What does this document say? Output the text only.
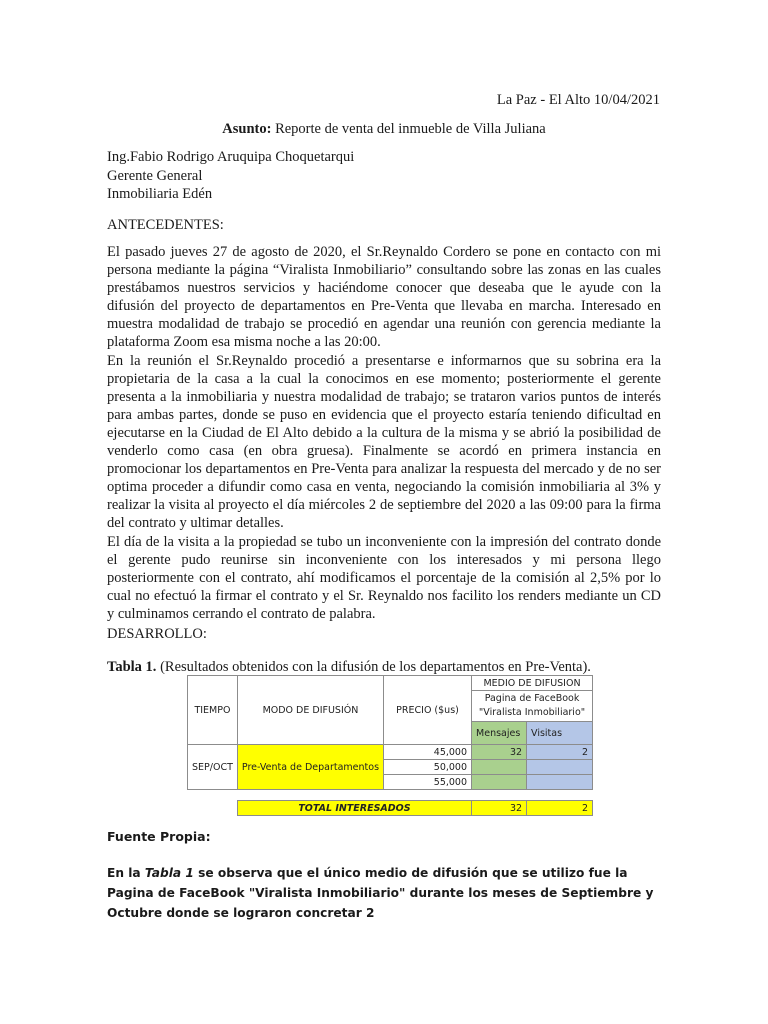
La Paz - El Alto 10/04/2021
Asunto: Reporte de venta del inmueble de Villa Juliana
Ing.Fabio Rodrigo Aruquipa Choquetarqui
Gerente General
Inmobiliaria Edén
ANTECEDENTES:

El pasado jueves 27 de agosto de 2020, el Sr.Reynaldo Cordero se pone en contacto con mi persona mediante la página “Viralista Inmobiliario” consultando sobre las zonas en las cuales prestábamos nuestros servicios y haciéndome conocer que deseaba que le ayude con la difusión del proyecto de departamentos en Pre-Venta que llevaba en marcha. Interesado en muestra modalidad de trabajo se procedió en agendar una reunión con gerencia mediante la plataforma Zoom esa misma noche a las 20:00.

En la reunión el Sr.Reynaldo procedió a presentarse e informarnos que su sobrina era la propietaria de la casa a la cual la conocimos en ese momento; posteriormente el gerente presenta a la inmobiliaria y nuestra modalidad de trabajo; se trataron varios puntos de interés para ambas partes, donde se puso en evidencia que el proyecto estaría teniendo dificultad en ejecutarse en la Ciudad de El Alto debido a la cultura de la misma y se abrió la posibilidad de venderlo como casa (en obra gruesa). Finalmente se acordó en primera instancia en promocionar los departamentos en Pre-Venta para analizar la respuesta del mercado y de no ser optima proceder a difundir como casa en venta, negociando la comisión inmobiliaria al 3% y realizar la visita al proyecto el día miércoles 2 de septiembre del 2020 a las 09:00 para la firma del contrato y ultimar detalles.

El día de la visita a la propiedad se tubo un inconveniente con la impresión del contrato donde el gerente pudo reunirse sin inconveniente con los interesados y mi persona llego posteriormente con el contrato, ahí modificamos el porcentaje de la comisión al 2,5% por lo cual no efectuó la firmar el contrato y el Sr. Reynaldo nos facilito los renders mediante un CD y culminamos cerrando el contrato de palabra.

DESARROLLO:
Tabla 1. (Resultados obtenidos con la difusión de los departamentos en Pre-Venta).
TIEMPO	MODO DE DIFUSIÓN	PRECIO ($us)	MEDIO DE DIFUSION	

			Pagina de FaceBook
"Viralista Inmobiliario"	

			Mensajes	Visitas
SEP/OCT	Pre-Venta de Departamentos	45,000	32	2
		50,000		
		55,000		

	TOTAL INTERESADOS		32	2
Fuente Propia:
En la Tabla 1 se observa que el único medio de difusión que se utilizo fue la Pagina de FaceBook "Viralista Inmobiliario" durante los meses de Septiembre y Octubre donde se lograron concretar 2
